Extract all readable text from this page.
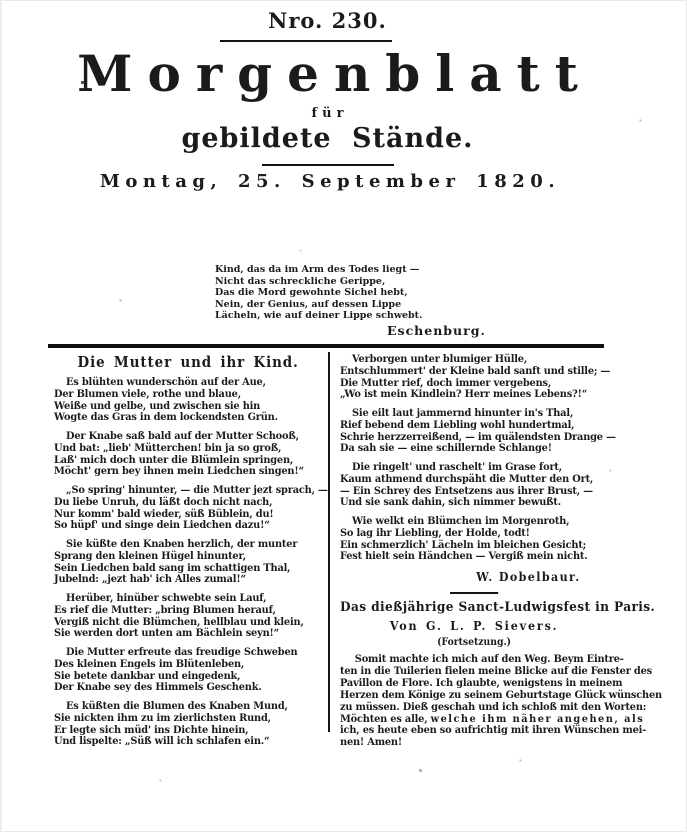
Nro. 230.
Morgenblatt
für
gebildete Stände.
Montag, 25. September 1820.
Kind, das da im Arm des Todes liegt —
Nicht das schreckliche Gerippe,
Das die Mord gewohnte Sichel hebt,
Nein, der Genius, auf dessen Lippe
Lächeln, wie auf deiner Lippe schwebt.
Eschenburg.
Die Mutter und ihr Kind.
Es blühten wunderschön auf der Aue,
Der Blumen viele, rothe und blaue,
Weiße und gelbe, und zwischen sie hin
Wogte das Gras in dem lockendsten Grün.
Der Knabe saß bald auf der Mutter Schooß,
Und bat: „lieb' Mütterchen! bin ja so groß,
Laß' mich doch unter die Blümlein springen,
Möcht' gern bey ihnen mein Liedchen singen!“
„So spring' hinunter, — die Mutter jezt sprach, —
Du liebe Unruh, du läßt doch nicht nach,
Nur komm' bald wieder, süß Büblein, du!
So hüpf' und singe dein Liedchen dazu!“
Sie küßte den Knaben herzlich, der munter
Sprang den kleinen Hügel hinunter,
Sein Liedchen bald sang im schattigen Thal,
Jubelnd: „jezt hab' ich Alles zumal!“
Herüber, hinüber schwebte sein Lauf,
Es rief die Mutter: „bring Blumen herauf,
Vergiß nicht die Blümchen, hellblau und klein,
Sie werden dort unten am Bächlein seyn!“
Die Mutter erfreute das freudige Schweben
Des kleinen Engels im Blütenleben,
Sie betete dankbar und eingedenk,
Der Knabe sey des Himmels Geschenk.
Es küßten die Blumen des Knaben Mund,
Sie nickten ihm zu im zierlichsten Rund,
Er legte sich müd' ins Dichte hinein,
Und lispelte: „Süß will ich schlafen ein.“
Verborgen unter blumiger Hülle,
Entschlummert' der Kleine bald sanft und stille; —
Die Mutter rief, doch immer vergebens,
„Wo ist mein Kindlein? Herr meines Lebens?!“
Sie eilt laut jammernd hinunter in's Thal,
Rief bebend dem Liebling wohl hundertmal,
Schrie herzzerreißend, — im quälendsten Drange —
Da sah sie — eine schillernde Schlange!
Die ringelt' und raschelt' im Grase fort,
Kaum athmend durchspäht die Mutter den Ort,
— Ein Schrey des Entsetzens aus ihrer Brust, —
Und sie sank dahin, sich nimmer bewußt.
Wie welkt ein Blümchen im Morgenroth,
So lag ihr Liebling, der Holde, todt!
Ein schmerzlich' Lächeln im bleichen Gesicht;
Fest hielt sein Händchen — Vergiß mein nicht.
W. Dobelbaur.
Das dießjährige Sanct-Ludwigsfest in Paris.
Von G. L. P. Sievers.
(Fortsetzung.)
Somit machte ich mich auf den Weg. Beym Eintre-
ten in die Tuilerien fielen meine Blicke auf die Fenster des
Pavillon de Flore. Ich glaubte, wenigstens in meinem
Herzen dem Könige zu seinem Geburtstage Glück wünschen
zu müssen. Dieß geschah und ich schloß mit den Worten:
Möchten es alle, welche ihm näher angehen, als
ich, es heute eben so aufrichtig mit ihren Wünschen mei-
nen! Amen!
